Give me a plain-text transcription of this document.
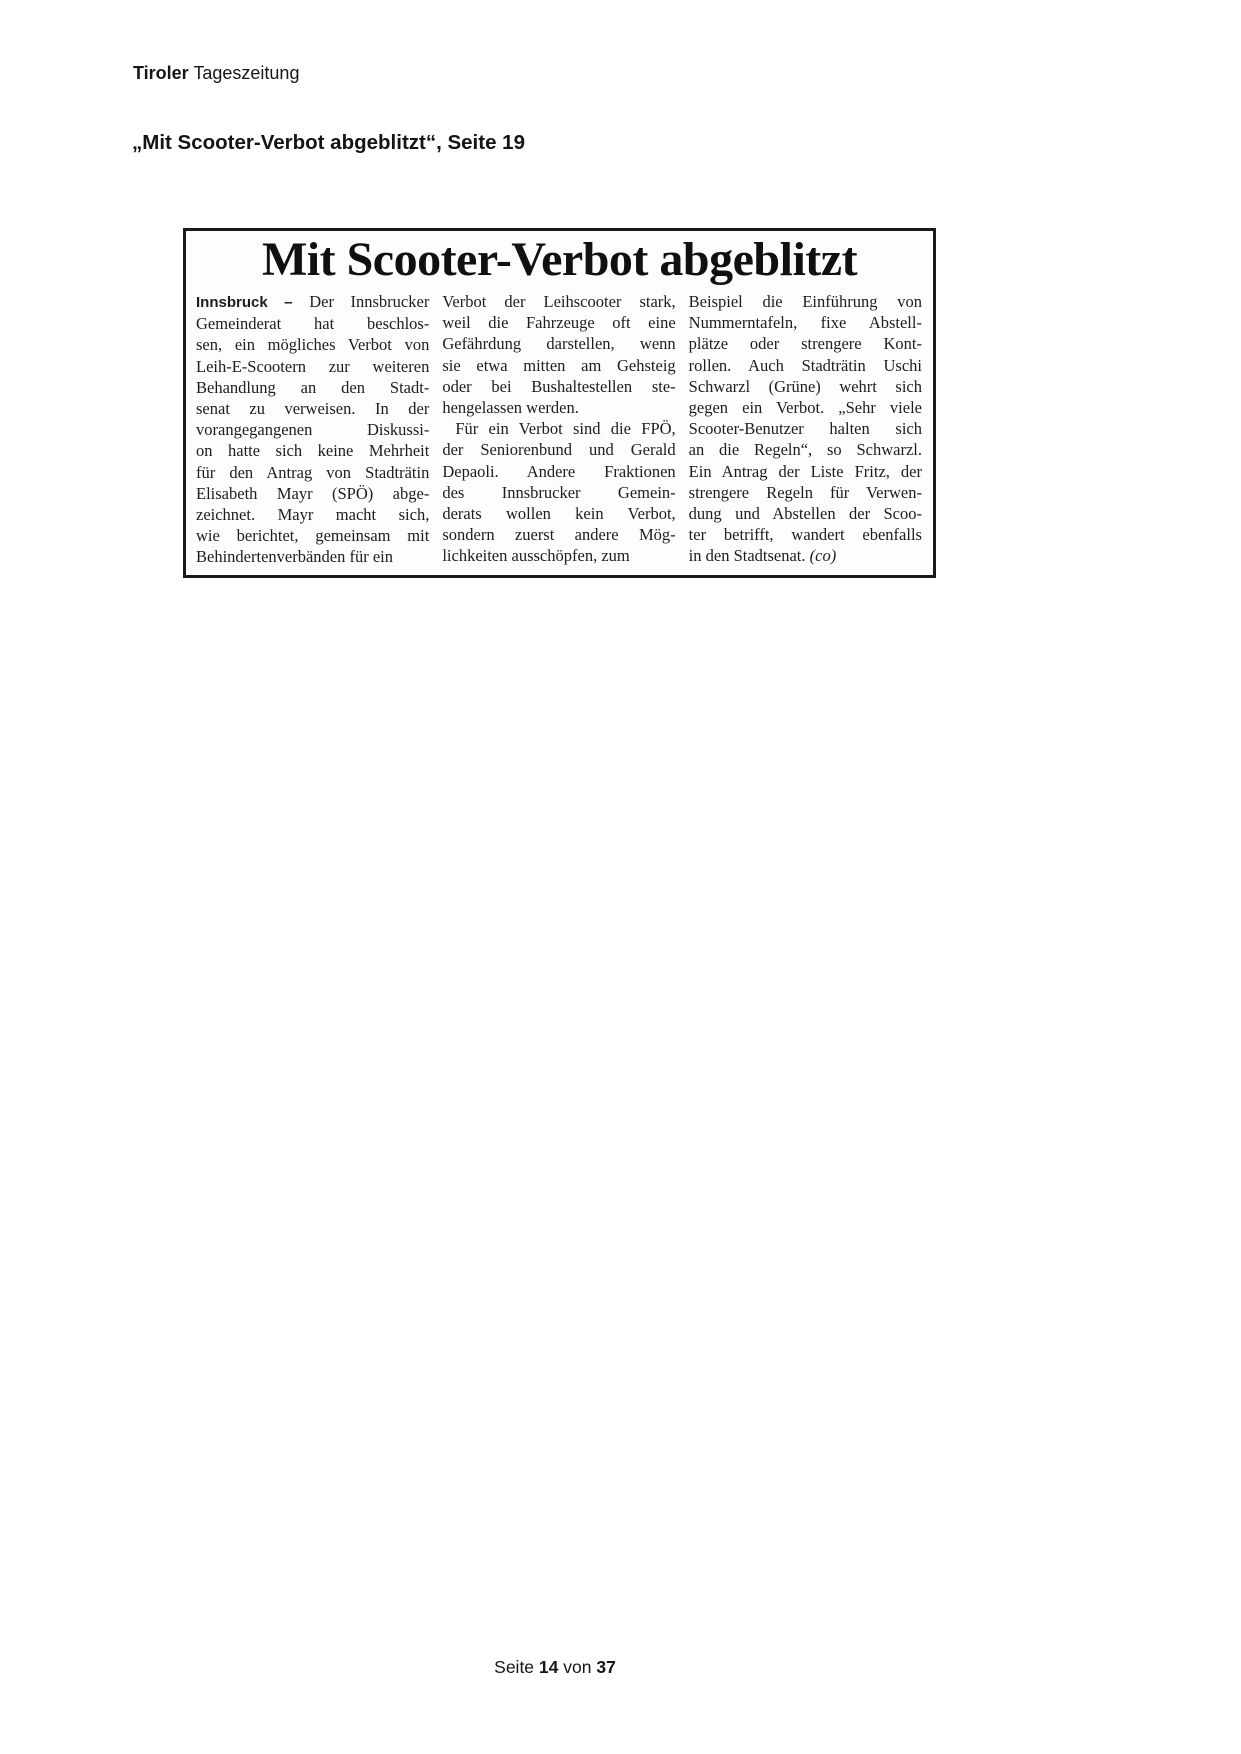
Tiroler Tageszeitung
„Mit Scooter-Verbot abgeblitzt“, Seite 19
Mit Scooter-Verbot abgeblitzt
Innsbruck – Der Innsbrucker
Gemeinderat hat beschlos-
sen, ein mögliches Verbot von
Leih-E-Scootern zur weiteren
Behandlung an den Stadt-
senat zu verweisen. In der
vorangegangenen Diskussi-
on hatte sich keine Mehrheit
für den Antrag von Stadträtin
Elisabeth Mayr (SPÖ) abge-
zeichnet. Mayr macht sich,
wie berichtet, gemeinsam mit
Behindertenverbänden für ein
Verbot der Leihscooter stark,
weil die Fahrzeuge oft eine
Gefährdung darstellen, wenn
sie etwa mitten am Gehsteig
oder bei Bushaltestellen ste-
hengelassen werden.
Für ein Verbot sind die FPÖ,
der Seniorenbund und Gerald
Depaoli. Andere Fraktionen
des Innsbrucker Gemein-
derats wollen kein Verbot,
sondern zuerst andere Mög-
lichkeiten ausschöpfen, zum
Beispiel die Einführung von
Nummerntafeln, fixe Abstell-
plätze oder strengere Kont-
rollen. Auch Stadträtin Uschi
Schwarzl (Grüne) wehrt sich
gegen ein Verbot. „Sehr viele
Scooter-Benutzer halten sich
an die Regeln“, so Schwarzl.
Ein Antrag der Liste Fritz, der
strengere Regeln für Verwen-
dung und Abstellen der Scoo-
ter betrifft, wandert ebenfalls
in den Stadtsenat. (co)
Seite 14 von 37
